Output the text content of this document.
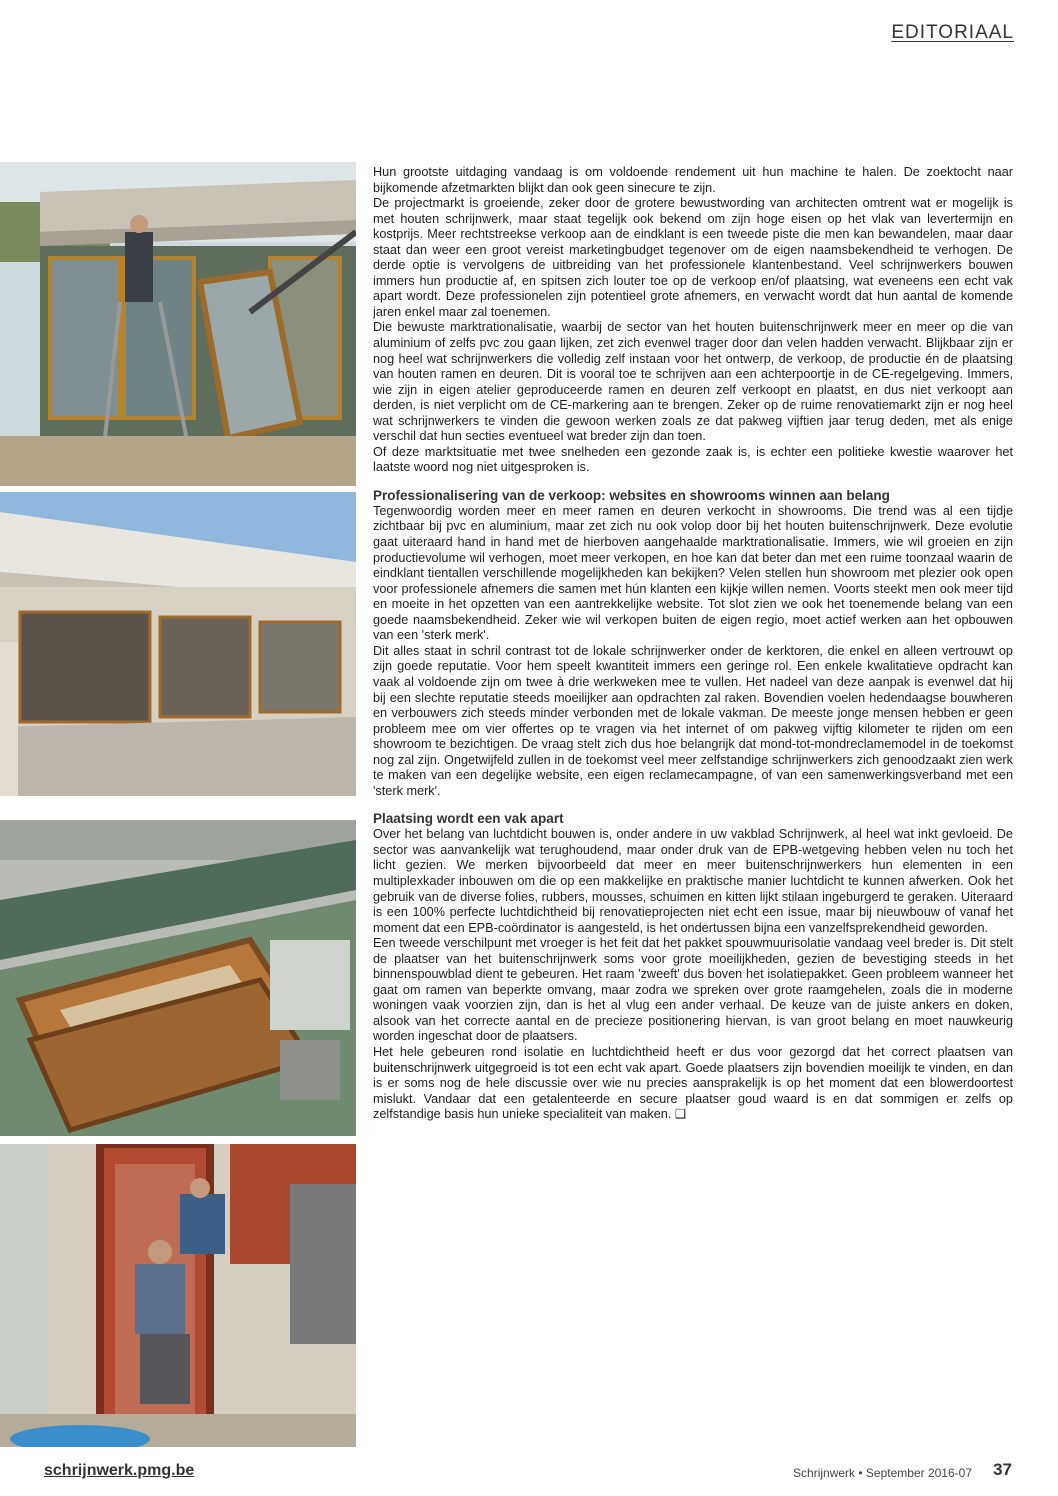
EDITORIAAL

Hun grootste uitdaging vandaag is om voldoende rendement uit hun machine te halen. De zoektocht naar bijkomende afzetmarkten blijkt dan ook geen sinecure te zijn.

De projectmarkt is groeiende, zeker door de grotere bewustwording van architecten omtrent wat er mogelijk is met houten schrijnwerk, maar staat tegelijk ook bekend om zijn hoge eisen op het vlak van levertermijn en kostprijs. Meer rechtstreekse verkoop aan de eindklant is een tweede piste die men kan bewandelen, maar daar staat dan weer een groot vereist marketingbudget tegenover om de eigen naamsbekendheid te verhogen. De derde optie is vervolgens de uitbreiding van het professionele klantenbestand. Veel schrijnwerkers bouwen immers hun productie af, en spitsen zich louter toe op de verkoop en/of plaatsing, wat eveneens een echt vak apart wordt. Deze professionelen zijn potentieel grote afnemers, en verwacht wordt dat hun aantal de komende jaren enkel maar zal toenemen.

Die bewuste marktrationalisatie, waarbij de sector van het houten buitenschrijnwerk meer en meer op die van aluminium of zelfs pvc zou gaan lijken, zet zich evenwel trager door dan velen hadden verwacht. Blijkbaar zijn er nog heel wat schrijnwerkers die volledig zelf instaan voor het ontwerp, de verkoop, de productie én de plaatsing van houten ramen en deuren. Dit is vooral toe te schrijven aan een achterpoortje in de CE-regelgeving. Immers, wie zijn in eigen atelier geproduceerde ramen en deuren zelf verkoopt en plaatst, en dus niet verkoopt aan derden, is niet verplicht om de CE-markering aan te brengen. Zeker op de ruime renovatiemarkt zijn er nog heel wat schrijnwerkers te vinden die gewoon werken zoals ze dat pakweg vijftien jaar terug deden, met als enige verschil dat hun secties eventueel wat breder zijn dan toen.

Of deze marktsituatie met twee snelheden een gezonde zaak is, is echter een politieke kwestie waarover het laatste woord nog niet uitgesproken is.

Professionalisering van de verkoop: websites en showrooms winnen aan belang

Tegenwoordig worden meer en meer ramen en deuren verkocht in showrooms. Die trend was al een tijdje zichtbaar bij pvc en aluminium, maar zet zich nu ook volop door bij het houten buitenschrijnwerk. Deze evolutie gaat uiteraard hand in hand met de hierboven aangehaalde marktrationalisatie. Immers, wie wil groeien en zijn productievolume wil verhogen, moet meer verkopen, en hoe kan dat beter dan met een ruime toonzaal waarin de eindklant tientallen verschillende mogelijkheden kan bekijken? Velen stellen hun showroom met plezier ook open voor professionele afnemers die samen met hún klanten een kijkje willen nemen. Voorts steekt men ook meer tijd en moeite in het opzetten van een aantrekkelijke website. Tot slot zien we ook het toenemende belang van een goede naamsbekendheid. Zeker wie wil verkopen buiten de eigen regio, moet actief werken aan het opbouwen van een 'sterk merk'.

Dit alles staat in schril contrast tot de lokale schrijnwerker onder de kerktoren, die enkel en alleen vertrouwt op zijn goede reputatie. Voor hem speelt kwantiteit immers een geringe rol. Een enkele kwalitatieve opdracht kan vaak al voldoende zijn om twee à drie werkweken mee te vullen. Het nadeel van deze aanpak is evenwel dat hij bij een slechte reputatie steeds moeilijker aan opdrachten zal raken. Bovendien voelen hedendaagse bouwheren en verbouwers zich steeds minder verbonden met de lokale vakman. De meeste jonge mensen hebben er geen probleem mee om vier offertes op te vragen via het internet of om pakweg vijftig kilometer te rijden om een showroom te bezichtigen. De vraag stelt zich dus hoe belangrijk dat mond-tot-mondreclamemodel in de toekomst nog zal zijn. Ongetwijfeld zullen in de toekomst veel meer zelfstandige schrijnwerkers zich genoodzaakt zien werk te maken van een degelijke website, een eigen reclamecampagne, of van een samenwerkingsverband met een 'sterk merk'.

Plaatsing wordt een vak apart

Over het belang van luchtdicht bouwen is, onder andere in uw vakblad Schrijnwerk, al heel wat inkt gevloeid. De sector was aanvankelijk wat terughoudend, maar onder druk van de EPB-wetgeving hebben velen nu toch het licht gezien. We merken bijvoorbeeld dat meer en meer buitenschrijnwerkers hun elementen in een multiplexkader inbouwen om die op een makkelijke en praktische manier luchtdicht te kunnen afwerken. Ook het gebruik van de diverse folies, rubbers, mousses, schuimen en kitten lijkt stilaan ingeburgerd te geraken. Uiteraard is een 100% perfecte luchtdichtheid bij renovatieprojecten niet echt een issue, maar bij nieuwbouw of vanaf het moment dat een EPB-coördinator is aangesteld, is het ondertussen bijna een vanzelfsprekendheid geworden.

Een tweede verschilpunt met vroeger is het feit dat het pakket spouwmuurisolatie vandaag veel breder is. Dit stelt de plaatser van het buitenschrijnwerk soms voor grote moeilijkheden, gezien de bevestiging steeds in het binnenspouwblad dient te gebeuren. Het raam 'zweeft' dus boven het isolatiepakket. Geen probleem wanneer het gaat om ramen van beperkte omvang, maar zodra we spreken over grote raamgehelen, zoals die in moderne woningen vaak voorzien zijn, dan is het al vlug een ander verhaal. De keuze van de juiste ankers en doken, alsook van het correcte aantal en de precieze positionering hiervan, is van groot belang en moet nauwkeurig worden ingeschat door de plaatsers.

Het hele gebeuren rond isolatie en luchtdichtheid heeft er dus voor gezorgd dat het correct plaatsen van buitenschrijnwerk uitgegroeid is tot een echt vak apart. Goede plaatsers zijn bovendien moeilijk te vinden, en dan is er soms nog de hele discussie over wie nu precies aansprakelijk is op het moment dat een blowerdoortest mislukt. Vandaar dat een getalenteerde en secure plaatser goud waard is en dat sommigen er zelfs op zelfstandige basis hun unieke specialiteit van maken. ❑

schrijnwerk.pmg.be	Schrijnwerk • September 2016-07 37
